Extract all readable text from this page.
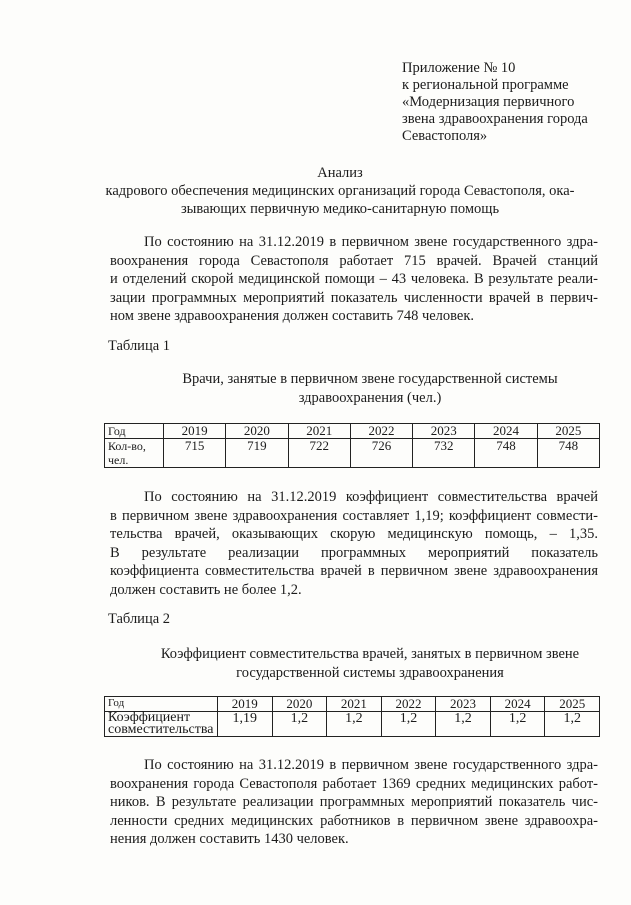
Приложение № 10
к региональной программе
«Модернизация первичного
звена здравоохранения города
Севастополя»
Анализ
кадрового обеспечения медицинских организаций города Севастополя, ока-
зывающих первичную медико-санитарную помощь
По состоянию на 31.12.2019 в первичном звене государственного здра-
воохранения города Севастополя работает 715 врачей. Врачей станций
и отделений скорой медицинской помощи – 43 человека. В результате реали-
зации программных мероприятий показатель численности врачей в первич-
ном звене здравоохранения должен составить 748 человек.
Таблица 1
Врачи, занятые в первичном звене государственной системы
здравоохранения (чел.)
Год	2019	2020	2021	2022	2023	2024	2025
Кол-во, чел.	715	719	722	726	732	748	748
По состоянию на 31.12.2019 коэффициент совместительства врачей
в первичном звене здравоохранения составляет 1,19; коэффициент совмести-
тельства врачей, оказывающих скорую медицинскую помощь, – 1,35.
В результате реализации программных мероприятий показатель
коэффициента совместительства врачей в первичном звене здравоохранения
должен составить не более 1,2.
Таблица 2
Коэффициент совместительства врачей, занятых в первичном звене
государственной системы здравоохранения
Год	2019	2020	2021	2022	2023	2024	2025
Коэффициент совместительства	1,19	1,2	1,2	1,2	1,2	1,2	1,2
По состоянию на 31.12.2019 в первичном звене государственного здра-
воохранения города Севастополя работает 1369 средних медицинских работ-
ников. В результате реализации программных мероприятий показатель чис-
ленности средних медицинских работников в первичном звене здравоохра-
нения должен составить 1430 человек.
